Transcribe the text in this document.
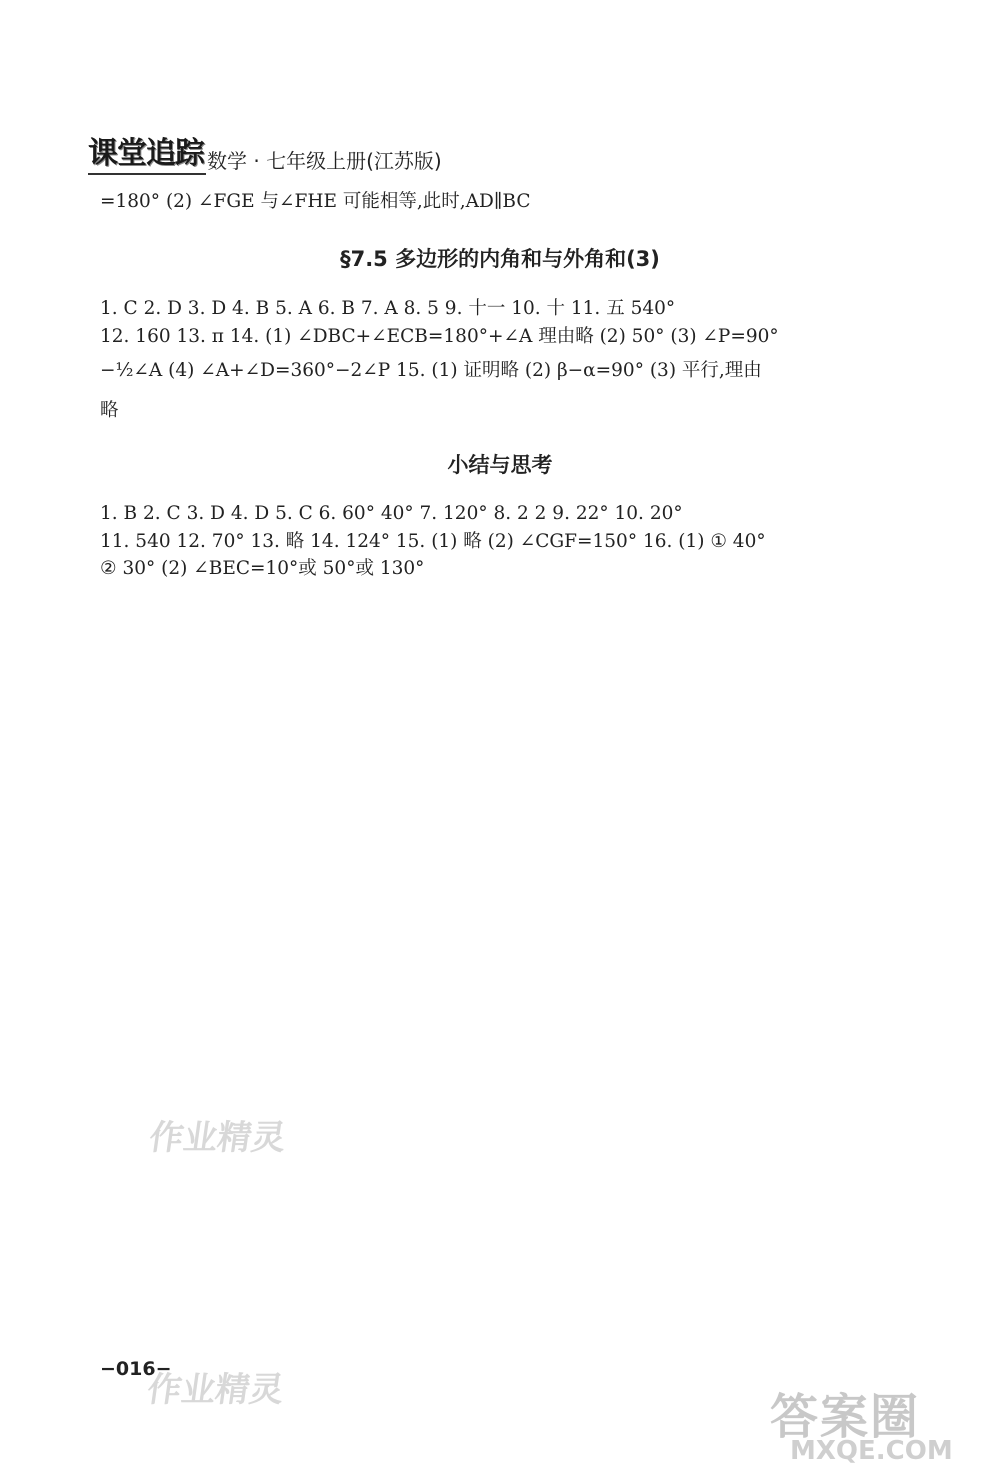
课堂追踪 数学 · 七年级上册(江苏版)
=180° (2) ∠FGE 与∠FHE 可能相等,此时,AD∥BC
§7.5 多边形的内角和与外角和(3)
1. C 2. D 3. D 4. B 5. A 6. B 7. A 8. 5 9. 十一 10. 十 11. 五 540°
12. 160 13. π 14. (1) ∠DBC+∠ECB=180°+∠A 理由略 (2) 50° (3) ∠P=90°
−½∠A (4) ∠A+∠D=360°−2∠P 15. (1) 证明略 (2) β−α=90° (3) 平行,理由
略
小结与思考
1. B 2. C 3. D 4. D 5. C 6. 60° 40° 7. 120° 8. 2 2 9. 22° 10. 20°
11. 540 12. 70° 13. 略 14. 124° 15. (1) 略 (2) ∠CGF=150° 16. (1) ① 40°
② 30° (2) ∠BEC=10°或 50°或 130°
作业精灵
作业精灵
−016−
答案圈
MXQE.COM
